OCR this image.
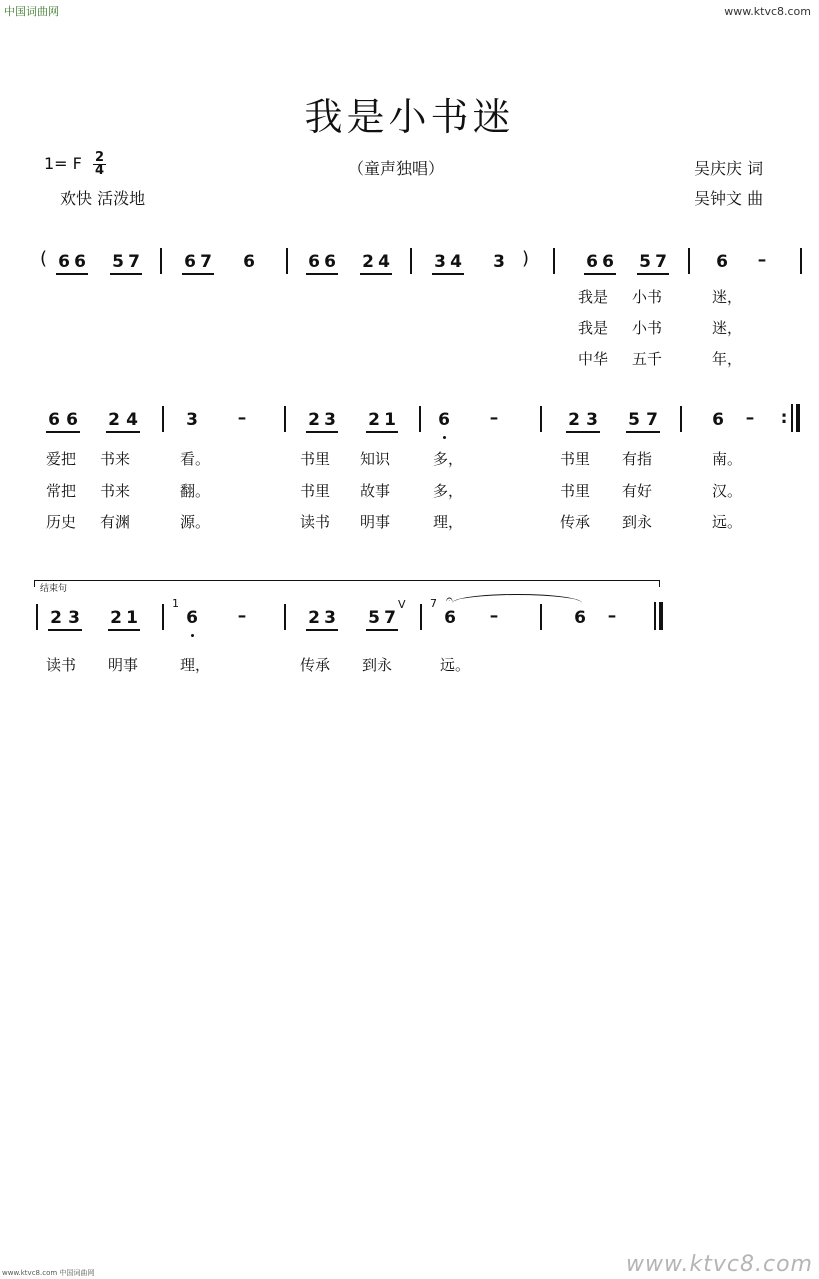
中国词曲网	www.ktvc8.com
我是小书迷
1= F $\frac{2}{4}$	（童声独唱）	吴庆庆 词
欢快 活泼地	吴钟文 曲
( 6 6 5 7	6 7 6	6 6 2 4	3 4 3 )	6 6 5 7	6 –
我是 小书	迷，
我是 小书	迷，
中华 五千	年，
6 6 2 4	3 –	2 3 2 1 6 –	2 3 5 7	6 – :
爱把 书来	看。	书里 知识	多，	书里 有指	南。
常把 书来	翻。	书里 故事	多，	书里 有好	汉。
历史 有渊	源。	读书 明事	理，	传承 到永	远。
结束句
2 3 2 1
1
6 –	2 3 5 7
V 7 𝄐
6 –	6 –
读书 明事	理，	传承 到永	远。
www.ktvc8.com
www.ktvc8.com 中国词曲网
